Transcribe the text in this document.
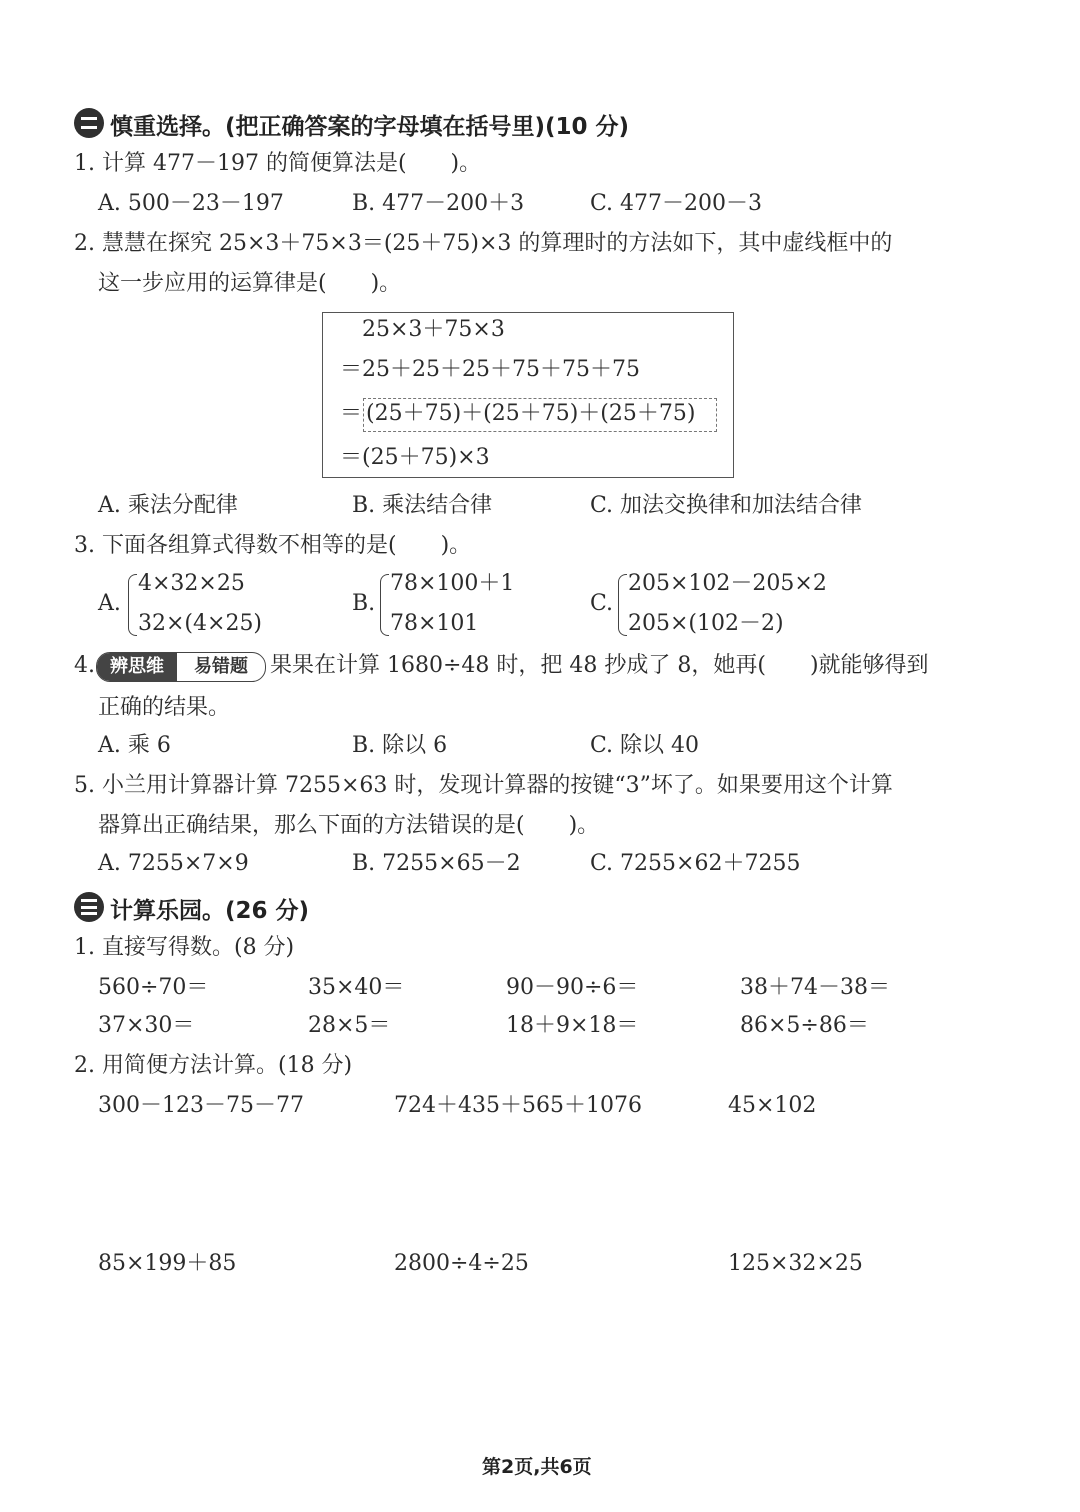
慎重选择。(把正确答案的字母填在括号里)(10 分)
1. 计算 477－197 的简便算法是(　　)。
A. 500－23－197	B. 477－200＋3	C. 477－200－3
2. 慧慧在探究 25×3＋75×3＝(25＋75)×3 的算理时的方法如下，其中虚线框中的
这一步应用的运算律是(　　)。
25×3＋75×3
＝25＋25＋25＋75＋75＋75
＝ (25＋75)＋(25＋75)＋(25＋75)
＝(25＋75)×3
A. 乘法分配律	B. 乘法结合律	C. 加法交换律和加法结合律
3. 下面各组算式得数不相等的是(　　)。
A.
4×32×25
32×(4×25)
B.
78×100＋1
78×101
C.
205×102－205×2
205×(102－2)
4. 辨思维	易错题	果果在计算 1680÷48 时，把 48 抄成了 8，她再(　　)就能够得到
正确的结果。
A. 乘 6	B. 除以 6	C. 除以 40
5. 小兰用计算器计算 7255×63 时，发现计算器的按键“3”坏了。如果要用这个计算
器算出正确结果，那么下面的方法错误的是(　　)。
A. 7255×7×9	B. 7255×65－2	C. 7255×62＋7255
计算乐园。(26 分)
1. 直接写得数。(8 分)
560÷70＝	35×40＝	90－90÷6＝	38＋74－38＝
37×30＝	28×5＝	18＋9×18＝	86×5÷86＝
2. 用简便方法计算。(18 分)
300－123－75－77	724＋435＋565＋1076	45×102
85×199＋85	2800÷4÷25	125×32×25
第2页,共6页
